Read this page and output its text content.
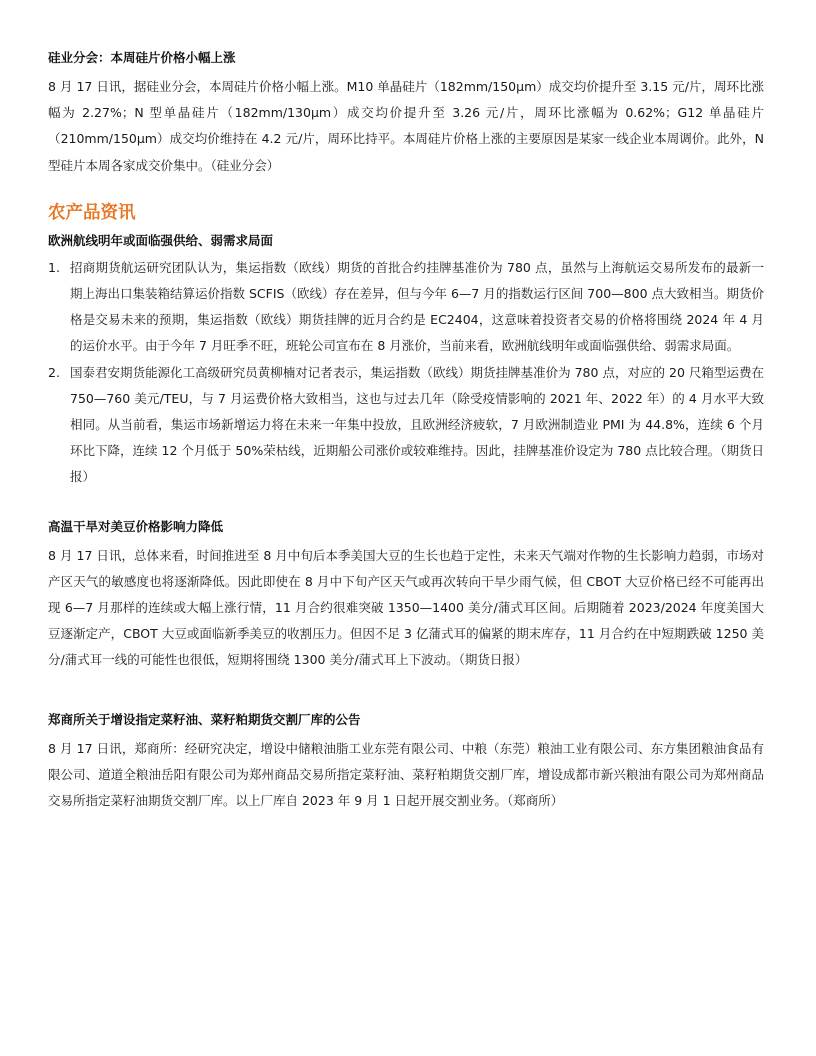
硅业分会：本周硅片价格小幅上涨

8 月 17 日讯，据硅业分会，本周硅片价格小幅上涨。M10 单晶硅片（182mm/150μm）成交均价提升至 3.15 元/片，周环比涨幅为 2.27%；N 型单晶硅片（182mm/130μm）成交均价提升至 3.26 元/片，周环比涨幅为 0.62%；G12 单晶硅片（210mm/150μm）成交均价维持在 4.2 元/片，周环比持平。本周硅片价格上涨的主要原因是某家一线企业本周调价。此外，N 型硅片本周各家成交价集中。（硅业分会）

农产品资讯
欧洲航线明年或面临强供给、弱需求局面
1. 招商期货航运研究团队认为，集运指数（欧线）期货的首批合约挂牌基准价为 780 点，虽然与上海航运交易所发布的最新一期上海出口集装箱结算运价指数 SCFIS（欧线）存在差异，但与今年 6—7 月的指数运行区间 700—800 点大致相当。期货价格是交易未来的预期，集运指数（欧线）期货挂牌的近月合约是 EC2404，这意味着投资者交易的价格将围绕 2024 年 4 月的运价水平。由于今年 7 月旺季不旺，班轮公司宣布在 8 月涨价，当前来看，欧洲航线明年或面临强供给、弱需求局面。
2. 国泰君安期货能源化工高级研究员黄柳楠对记者表示，集运指数（欧线）期货挂牌基准价为 780 点，对应的 20 尺箱型运费在 750—760 美元/TEU，与 7 月运费价格大致相当，这也与过去几年（除受疫情影响的 2021 年、2022 年）的 4 月水平大致相同。从当前看，集运市场新增运力将在未来一年集中投放，且欧洲经济疲软，7 月欧洲制造业 PMI 为 44.8%，连续 6 个月环比下降，连续 12 个月低于 50%荣枯线，近期船公司涨价或较难维持。因此，挂牌基准价设定为 780 点比较合理。（期货日报）
高温干旱对美豆价格影响力降低

8 月 17 日讯，总体来看，时间推进至 8 月中旬后本季美国大豆的生长也趋于定性，未来天气端对作物的生长影响力趋弱，市场对产区天气的敏感度也将逐渐降低。因此即使在 8 月中下旬产区天气或再次转向干旱少雨气候，但 CBOT 大豆价格已经不可能再出现 6—7 月那样的连续或大幅上涨行情，11 月合约很难突破 1350—1400 美分/蒲式耳区间。后期随着 2023/2024 年度美国大豆逐渐定产，CBOT 大豆或面临新季美豆的收割压力。但因不足 3 亿蒲式耳的偏紧的期末库存，11 月合约在中短期跌破 1250 美分/蒲式耳一线的可能性也很低，短期将围绕 1300 美分/蒲式耳上下波动。（期货日报）

郑商所关于增设指定菜籽油、菜籽粕期货交割厂库的公告

8 月 17 日讯，郑商所：经研究决定，增设中储粮油脂工业东莞有限公司、中粮（东莞）粮油工业有限公司、东方集团粮油食品有限公司、道道全粮油岳阳有限公司为郑州商品交易所指定菜籽油、菜籽粕期货交割厂库，增设成都市新兴粮油有限公司为郑州商品交易所指定菜籽油期货交割厂库。以上厂库自 2023 年 9 月 1 日起开展交割业务。（郑商所）
